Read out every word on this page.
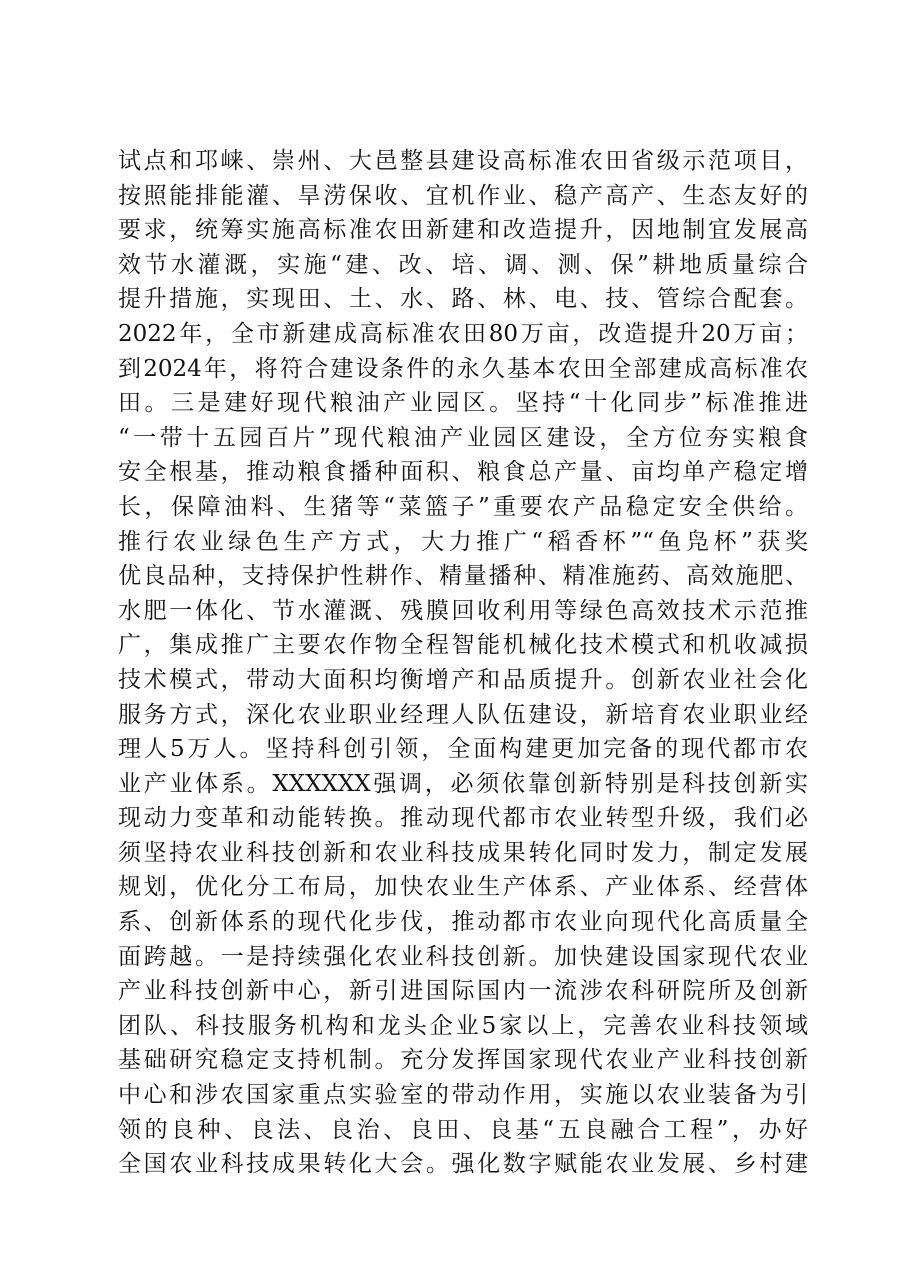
试点和邛崃、崇州、大邑整县建设高标准农田省级示范项目，
按照能排能灌、旱涝保收、宜机作业、稳产高产、生态友好的
要求，统筹实施高标准农田新建和改造提升，因地制宜发展高
效节水灌溉，实施“建、改、培、调、测、保”耕地质量综合
提升措施，实现田、土、水、路、林、电、技、管综合配套。
2022年，全市新建成高标准农田80万亩，改造提升20万亩；
到2024年，将符合建设条件的永久基本农田全部建成高标准农
田。三是建好现代粮油产业园区。坚持“十化同步”标准推进
“一带十五园百片”现代粮油产业园区建设，全方位夯实粮食
安全根基，推动粮食播种面积、粮食总产量、亩均单产稳定增
长，保障油料、生猪等“菜篮子”重要农产品稳定安全供给。
推行农业绿色生产方式，大力推广“稻香杯”“鱼凫杯”获奖
优良品种，支持保护性耕作、精量播种、精准施药、高效施肥、
水肥一体化、节水灌溉、残膜回收利用等绿色高效技术示范推
广，集成推广主要农作物全程智能机械化技术模式和机收减损
技术模式，带动大面积均衡增产和品质提升。创新农业社会化
服务方式，深化农业职业经理人队伍建设，新培育农业职业经
理人5万人。坚持科创引领，全面构建更加完备的现代都市农
业产业体系。XXXXXX强调，必须依靠创新特别是科技创新实
现动力变革和动能转换。推动现代都市农业转型升级，我们必
须坚持农业科技创新和农业科技成果转化同时发力，制定发展
规划，优化分工布局，加快农业生产体系、产业体系、经营体
系、创新体系的现代化步伐，推动都市农业向现代化高质量全
面跨越。一是持续强化农业科技创新。加快建设国家现代农业
产业科技创新中心，新引进国际国内一流涉农科研院所及创新
团队、科技服务机构和龙头企业5家以上，完善农业科技领域
基础研究稳定支持机制。充分发挥国家现代农业产业科技创新
中心和涉农国家重点实验室的带动作用，实施以农业装备为引
领的良种、良法、良治、良田、良基“五良融合工程”，办好
全国农业科技成果转化大会。强化数字赋能农业发展、乡村建
